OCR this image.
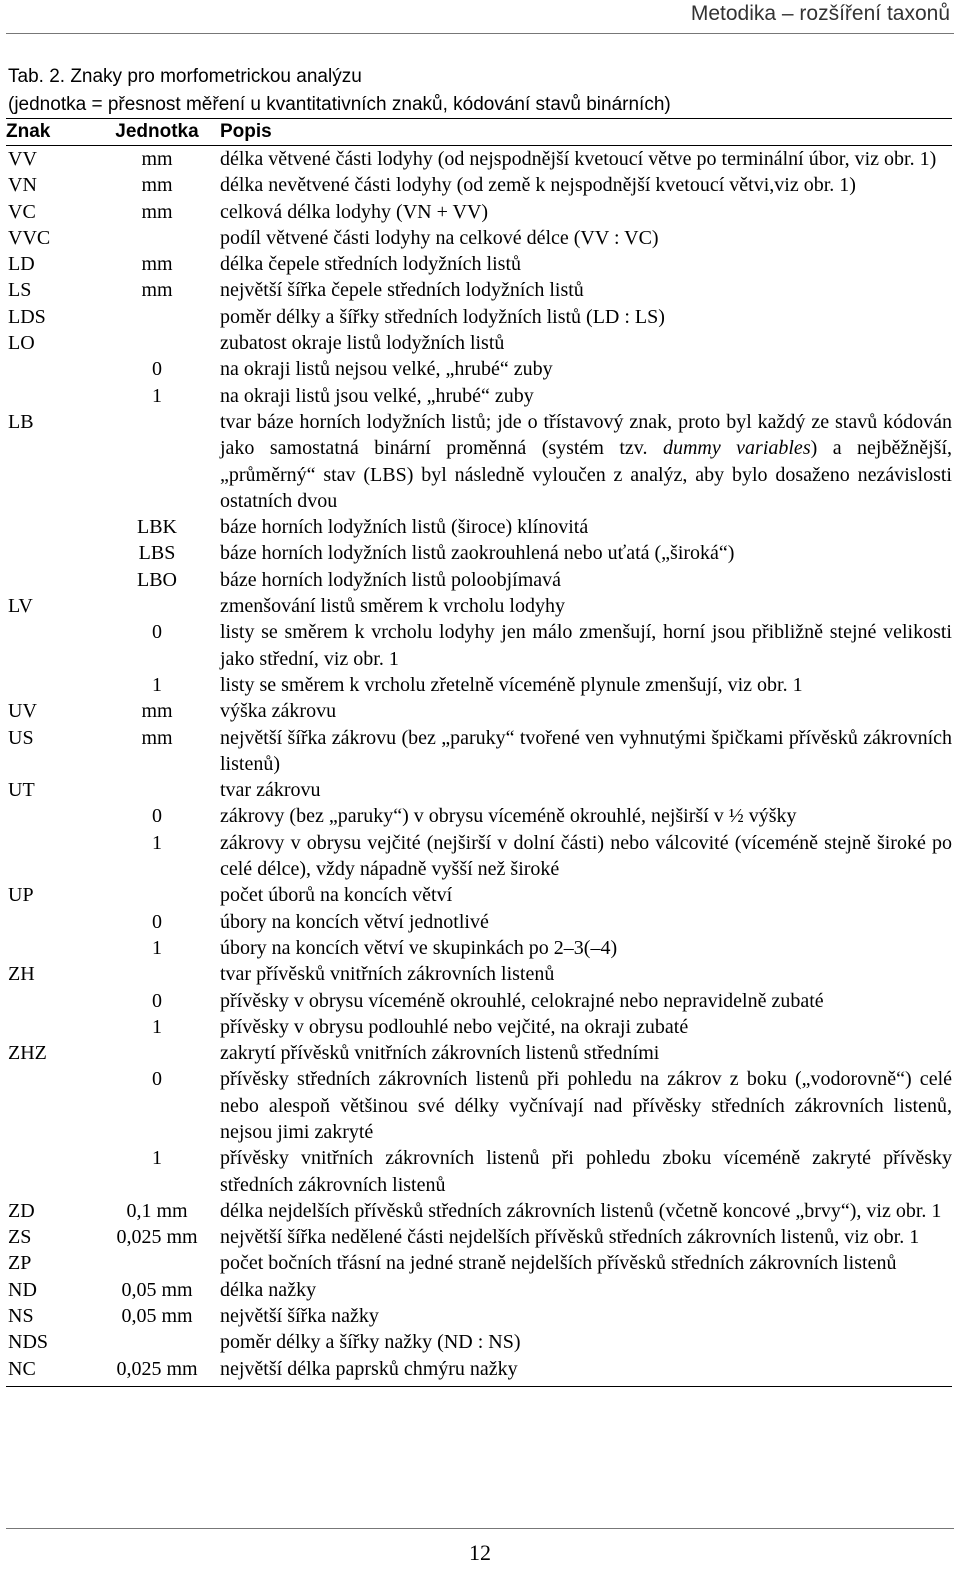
Metodika – rozšíření taxonů
Tab. 2. Znaky pro morfometrickou analýzu
(jednotka = přesnost měření u kvantitativních znaků, kódování stavů binárních)
Znak	Jednotka	Popis
VV	mm	délka větvené části lodyhy (od nejspodnější kvetoucí větve po terminální úbor, viz obr. 1)
VN	mm	délka nevětvené části lodyhy (od země k nejspodnější kvetoucí větvi,viz obr. 1)
VC	mm	celková délka lodyhy (VN + VV)
VVC		podíl větvené části lodyhy na celkové délce (VV : VC)
LD	mm	délka čepele středních lodyžních listů
LS	mm	největší šířka čepele středních lodyžních listů
LDS		poměr délky a šířky středních lodyžních listů (LD : LS)
LO		zubatost okraje listů lodyžních listů
	0	na okraji listů nejsou velké, „hrubé“ zuby
	1	na okraji listů jsou velké, „hrubé“ zuby
LB		tvar báze horních lodyžních listů; jde o třístavový znak, proto byl každý ze stavů kódován jako samostatná binární proměnná (systém tzv. dummy variables) a nejběžnější, „průměrný“ stav (LBS) byl následně vyloučen z analýz, aby bylo dosaženo nezávislosti ostatních dvou
	LBK	báze horních lodyžních listů (široce) klínovitá
	LBS	báze horních lodyžních listů zaokrouhlená nebo uťatá („široká“)
	LBO	báze horních lodyžních listů poloobjímavá
LV		zmenšování listů směrem k vrcholu lodyhy
	0	listy se směrem k vrcholu lodyhy jen málo zmenšují, horní jsou přibližně stejné velikosti jako střední, viz obr. 1
	1	listy se směrem k vrcholu zřetelně víceméně plynule zmenšují, viz obr. 1
UV	mm	výška zákrovu
US	mm	největší šířka zákrovu (bez „paruky“ tvořené ven vyhnutými špičkami přívěsků zákrovních listenů)
UT		tvar zákrovu
	0	zákrovy (bez „paruky“) v obrysu víceméně okrouhlé, nejširší v ½ výšky
	1	zákrovy v obrysu vejčité (nejširší v dolní části) nebo válcovité (víceméně stejně široké po celé délce), vždy nápadně vyšší než široké
UP		počet úborů na koncích větví
	0	úbory na koncích větví jednotlivé
	1	úbory na koncích větví ve skupinkách po 2–3(–4)
ZH		tvar přívěsků vnitřních zákrovních listenů
	0	přívěsky v obrysu víceméně okrouhlé, celokrajné nebo nepravidelně zubaté
	1	přívěsky v obrysu podlouhlé nebo vejčité, na okraji zubaté
ZHZ		zakrytí přívěsků vnitřních zákrovních listenů středními
	0	přívěsky středních zákrovních listenů při pohledu na zákrov z boku („vodorovně“) celé nebo alespoň většinou své délky vyčnívají nad přívěsky středních zákrovních listenů, nejsou jimi zakryté
	1	přívěsky vnitřních zákrovních listenů při pohledu zboku víceméně zakryté přívěsky středních zákrovních listenů
ZD	0,1 mm	délka nejdelších přívěsků středních zákrovních listenů (včetně koncové „brvy“), viz obr. 1
ZS	0,025 mm	největší šířka nedělené části nejdelších přívěsků středních zákrovních listenů, viz obr. 1
ZP		počet bočních třásní na jedné straně nejdelších přívěsků středních zákrovních listenů
ND	0,05 mm	délka nažky
NS	0,05 mm	největší šířka nažky
NDS		poměr délky a šířky nažky (ND : NS)
NC	0,025 mm	největší délka paprsků chmýru nažky
12
